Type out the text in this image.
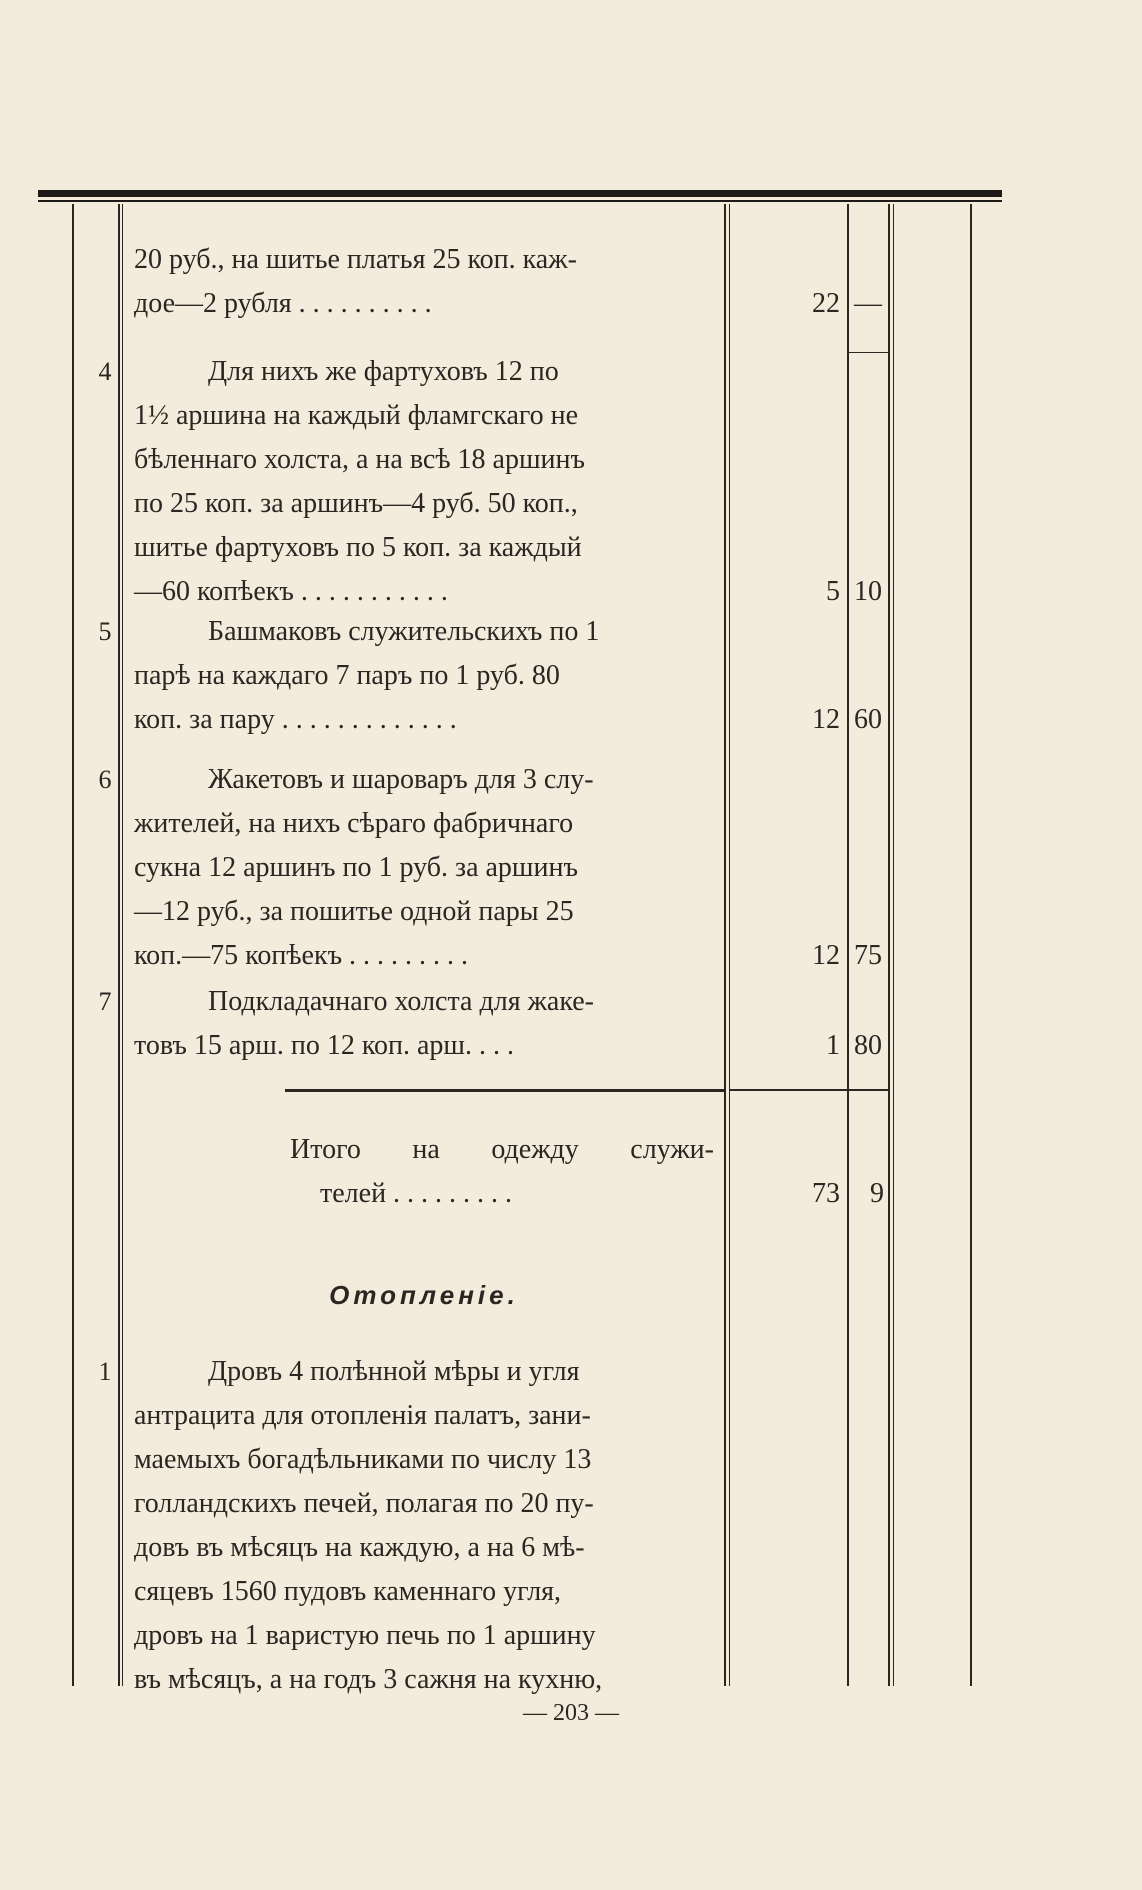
20 руб., на шитье платья 25 коп. каж-

дое—2 рубля . . . . . . . . . .	22 —
4	Для нихъ же фартуховъ 12 по

1½ аршина на каждый фламгскаго не

бѣленнаго холста, а на всѣ 18 аршинъ

по 25 коп. за аршинъ—4 руб. 50 коп.,

шитье фартуховъ по 5 коп. за каждый

—60 копѣекъ . . . . . . . . . . .	5 10
5	Башмаковъ служительскихъ по 1

парѣ на каждаго 7 паръ по 1 руб. 80

коп. за пару . . . . . . . . . . . . .	12 60
6	Жакетовъ и шароваръ для 3 слу-

жителей, на нихъ сѣраго фабричнаго

сукна 12 аршинъ по 1 руб. за аршинъ

—12 руб., за пошитье одной пары 25

коп.—75 копѣекъ . . . . . . . . .	12 75
7	Подкладачнаго холста для жаке-

товъ 15 арш. по 12 коп. арш. . . .	1 80

Итого на одежду служи-

телей . . . . . . . . .	73	9
Отопленіе.
1	Дровъ 4 полѣнной мѣры и угля

антрацита для отопленія палатъ, зани-

маемыхъ богадѣльниками по числу 13

голландскихъ печей, полагая по 20 пу-

довъ въ мѣсяцъ на каждую, а на 6 мѣ-

сяцевъ 1560 пудовъ каменнаго угля,

дровъ на 1 варистую печь по 1 аршину

въ мѣсяцъ, а на годъ 3 сажня на кухню,

— 203 —
